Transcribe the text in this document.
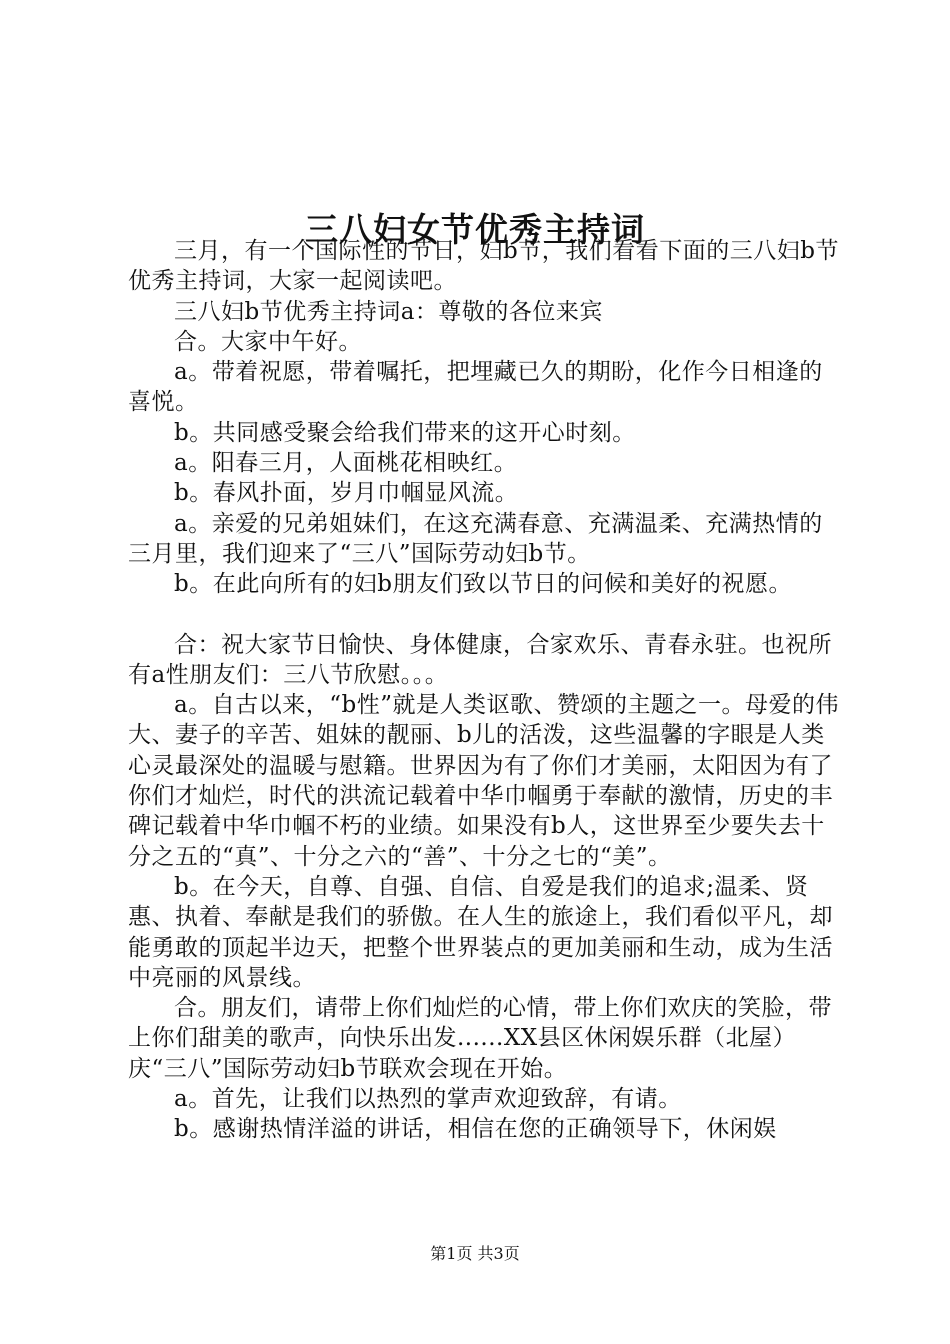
三八妇女节优秀主持词

三月，有一个国际性的节日，妇b节，我们看看下面的三八妇b节优秀主持词，大家一起阅读吧。

三八妇b节优秀主持词a：尊敬的各位来宾

合。大家中午好。

a。带着祝愿，带着嘱托，把埋藏已久的期盼，化作今日相逢的喜悦。

b。共同感受聚会给我们带来的这开心时刻。

a。阳春三月，人面桃花相映红。

b。春风扑面，岁月巾帼显风流。

a。亲爱的兄弟姐妹们，在这充满春意、充满温柔、充满热情的三月里，我们迎来了“三八”国际劳动妇b节。

b。在此向所有的妇b朋友们致以节日的问候和美好的祝愿。

合：祝大家节日愉快、身体健康，合家欢乐、青春永驻。也祝所有a性朋友们：三八节欣慰。。。

a。自古以来，“b性”就是人类讴歌、赞颂的主题之一。母爱的伟大、妻子的辛苦、姐妹的靓丽、b儿的活泼，这些温馨的字眼是人类心灵最深处的温暖与慰籍。世界因为有了你们才美丽，太阳因为有了你们才灿烂，时代的洪流记载着中华巾帼勇于奉献的激情，历史的丰碑记载着中华巾帼不朽的业绩。如果没有b人，这世界至少要失去十分之五的“真”、十分之六的“善”、十分之七的“美”。

b。在今天，自尊、自强、自信、自爱是我们的追求;温柔、贤惠、执着、奉献是我们的骄傲。在人生的旅途上，我们看似平凡，却能勇敢的顶起半边天，把整个世界装点的更加美丽和生动，成为生活中亮丽的风景线。

合。朋友们，请带上你们灿烂的心情，带上你们欢庆的笑脸，带上你们甜美的歌声，向快乐出发......XX县区休闲娱乐群（北屋）庆“三八”国际劳动妇b节联欢会现在开始。

a。首先，让我们以热烈的掌声欢迎致辞，有请。

b。感谢热情洋溢的讲话，相信在您的正确领导下，休闲娱

第1页 共3页
